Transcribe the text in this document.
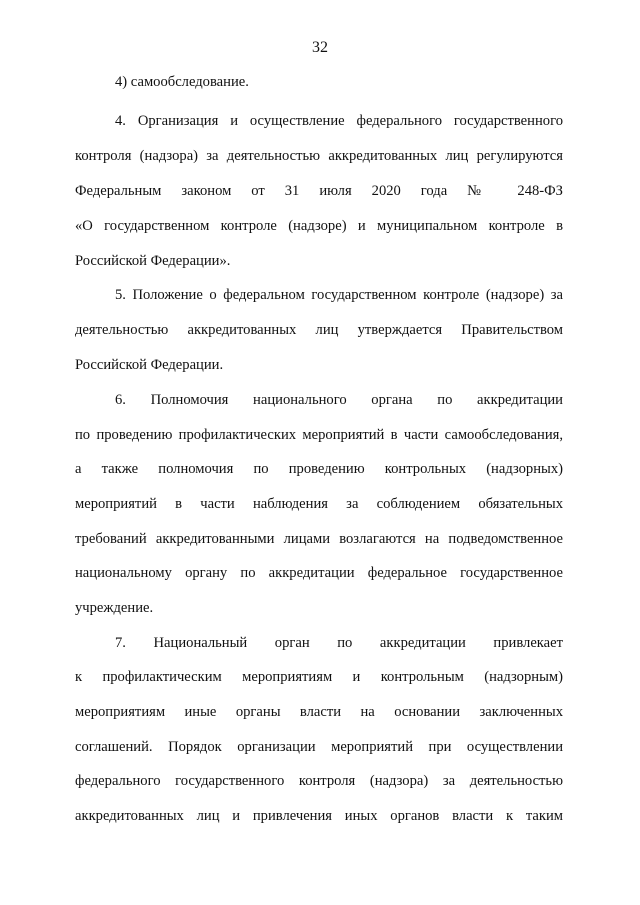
32
4) самообследование.
4. Организация и осуществление федерального государственного
контроля (надзора) за деятельностью аккредитованных лиц регулируются
Федеральным законом от 31 июля 2020 года № 248-ФЗ
«О государственном контроле (надзоре) и муниципальном контроле в
Российской Федерации».
5. Положение о федеральном государственном контроле (надзоре) за
деятельностью аккредитованных лиц утверждается Правительством
Российской Федерации.
6. Полномочия национального органа по аккредитации
по проведению профилактических мероприятий в части самообследования,
а также полномочия по проведению контрольных (надзорных)
мероприятий в части наблюдения за соблюдением обязательных
требований аккредитованными лицами возлагаются на подведомственное
национальному органу по аккредитации федеральное государственное
учреждение.
7. Национальный орган по аккредитации привлекает
к профилактическим мероприятиям и контрольным (надзорным)
мероприятиям иные органы власти на основании заключенных
соглашений. Порядок организации мероприятий при осуществлении
федерального государственного контроля (надзора) за деятельностью
аккредитованных лиц и привлечения иных органов власти к таким
